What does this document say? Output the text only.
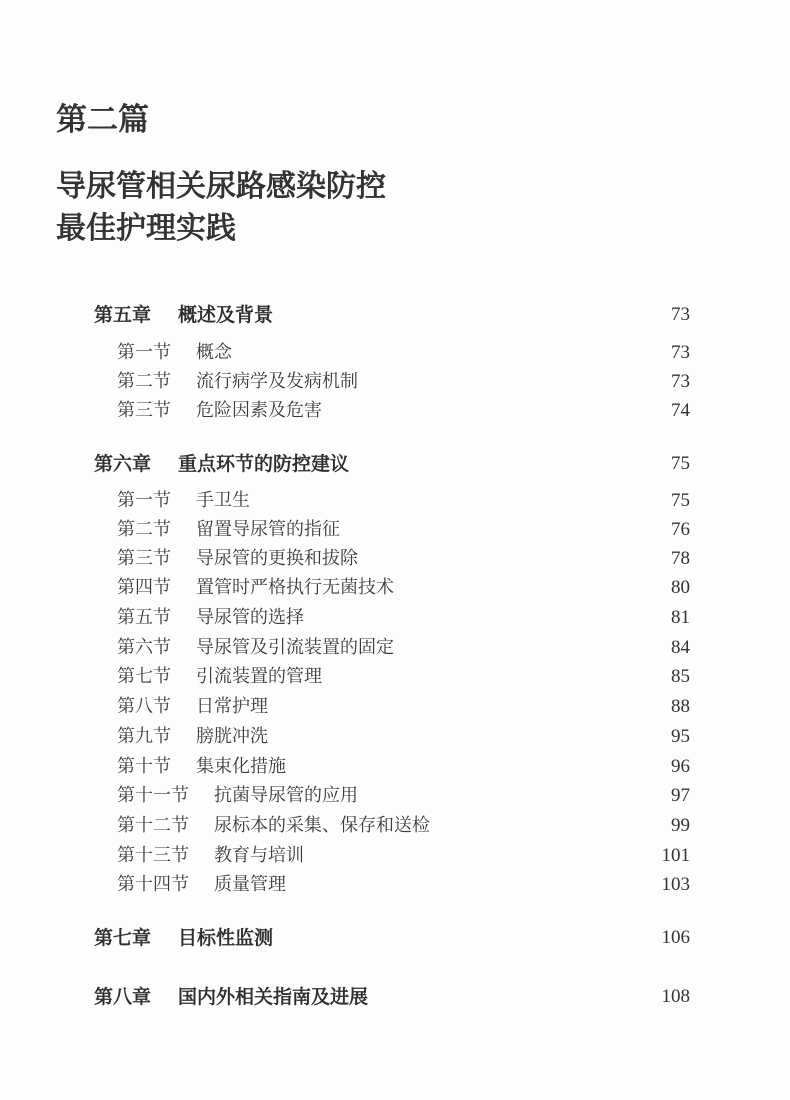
第二篇
导尿管相关尿路感染防控
最佳护理实践
第五章 概述及背景	73
第一节 概念	73
第二节 流行病学及发病机制	73
第三节 危险因素及危害	74
第六章 重点环节的防控建议	75
第一节 手卫生	75
第二节 留置导尿管的指征	76
第三节 导尿管的更换和拔除	78
第四节 置管时严格执行无菌技术	80
第五节 导尿管的选择	81
第六节 导尿管及引流装置的固定	84
第七节 引流装置的管理	85
第八节 日常护理	88
第九节 膀胱冲洗	95
第十节 集束化措施	96
第十一节 抗菌导尿管的应用	97
第十二节 尿标本的采集、保存和送检	99
第十三节 教育与培训	101
第十四节 质量管理	103
第七章 目标性监测	106
第八章 国内外相关指南及进展	108
